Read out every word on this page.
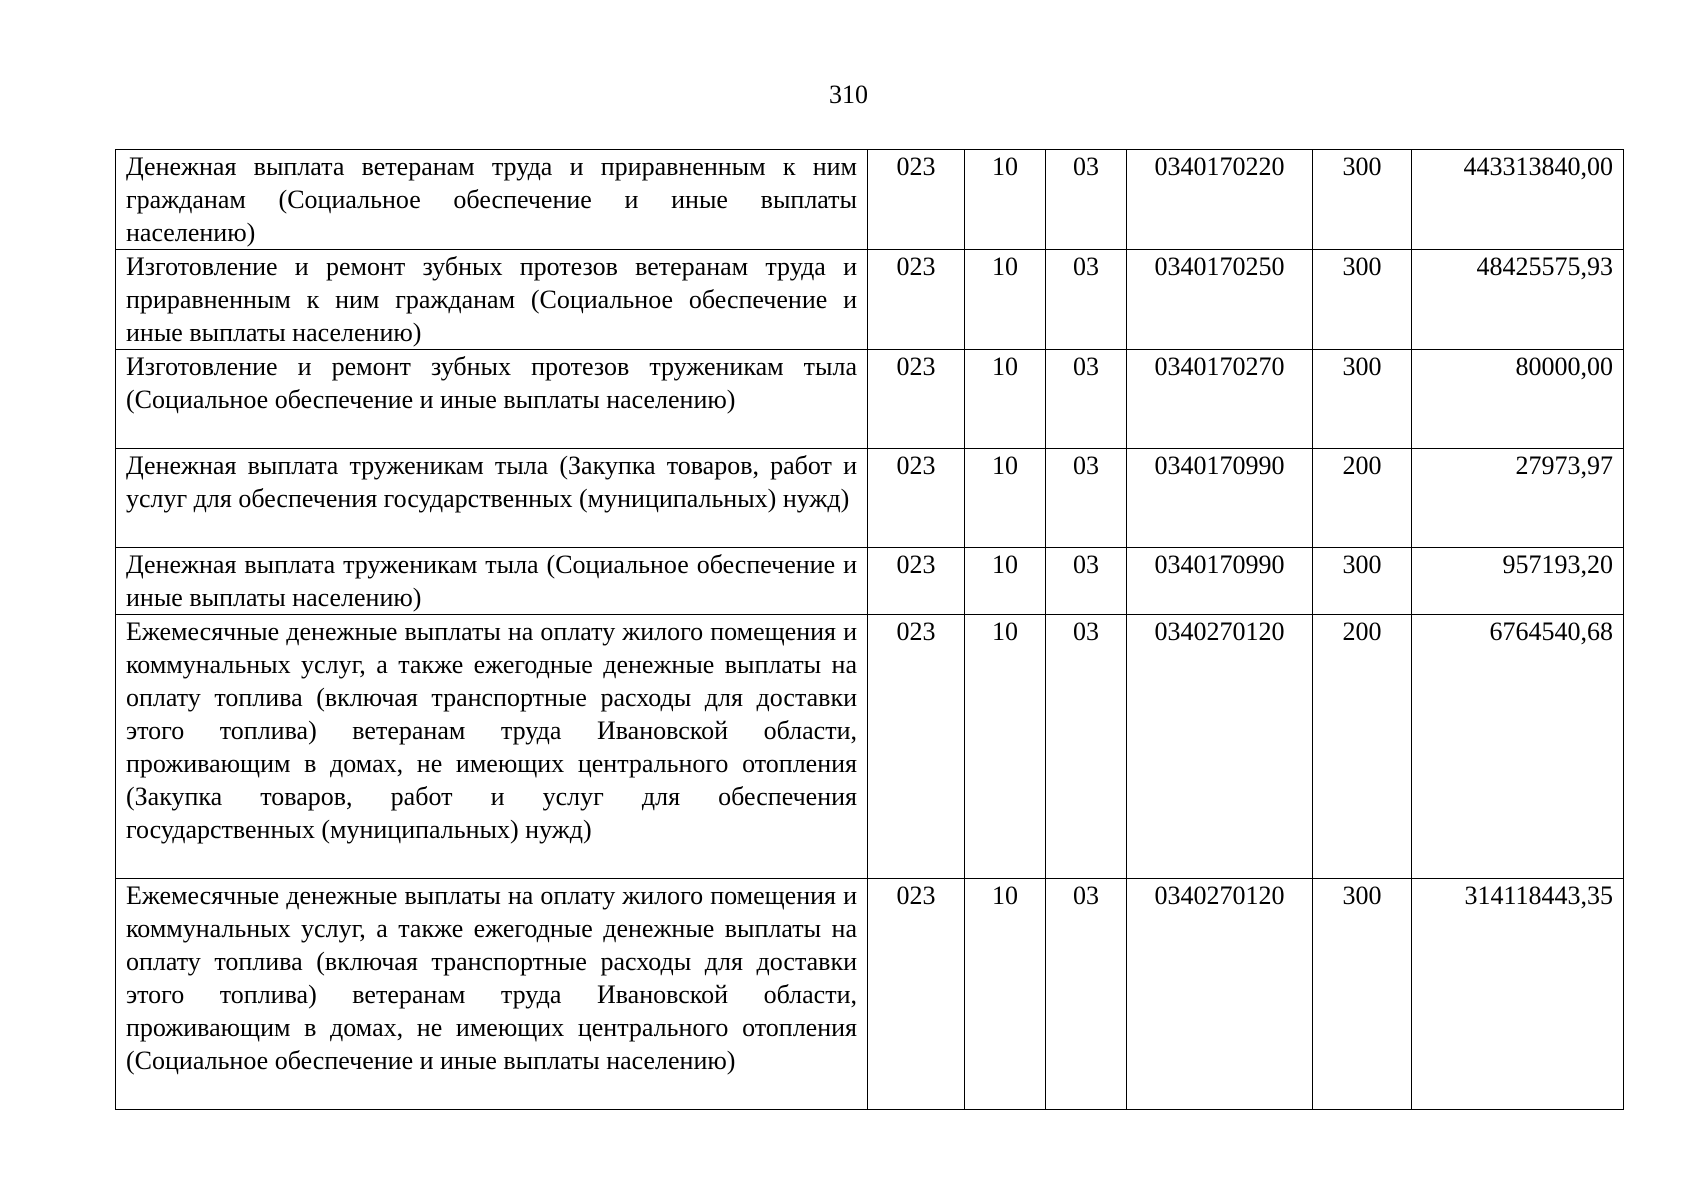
310
Денежная выплата ветеранам труда и приравненным к ним гражданам (Социальное обеспечение и иные выплаты населению)	023	10	03	0340170220	300	443313840,00
Изготовление и ремонт зубных протезов ветеранам труда и приравненным к ним гражданам (Социальное обеспечение и иные выплаты населению)	023	10	03	0340170250	300	48425575,93
Изготовление и ремонт зубных протезов труженикам тыла (Социальное обеспечение и иные выплаты населению)	023	10	03	0340170270	300	80000,00
Денежная выплата труженикам тыла (Закупка товаров, работ и услуг для обеспечения государственных (муниципальных) нужд)	023	10	03	0340170990	200	27973,97
Денежная выплата труженикам тыла (Социальное обеспечение и иные выплаты населению)	023	10	03	0340170990	300	957193,20
Ежемесячные денежные выплаты на оплату жилого помещения и коммунальных услуг, а также ежегодные денежные выплаты на оплату топлива (включая транспортные расходы для доставки этого топлива) ветеранам труда Ивановской области, проживающим в домах, не имеющих центрального отопления (Закупка товаров, работ и услуг для обеспечения государственных (муниципальных) нужд)	023	10	03	0340270120	200	6764540,68
Ежемесячные денежные выплаты на оплату жилого помещения и коммунальных услуг, а также ежегодные денежные выплаты на оплату топлива (включая транспортные расходы для доставки этого топлива) ветеранам труда Ивановской области, проживающим в домах, не имеющих центрального отопления (Социальное обеспечение и иные выплаты населению)	023	10	03	0340270120	300	314118443,35
